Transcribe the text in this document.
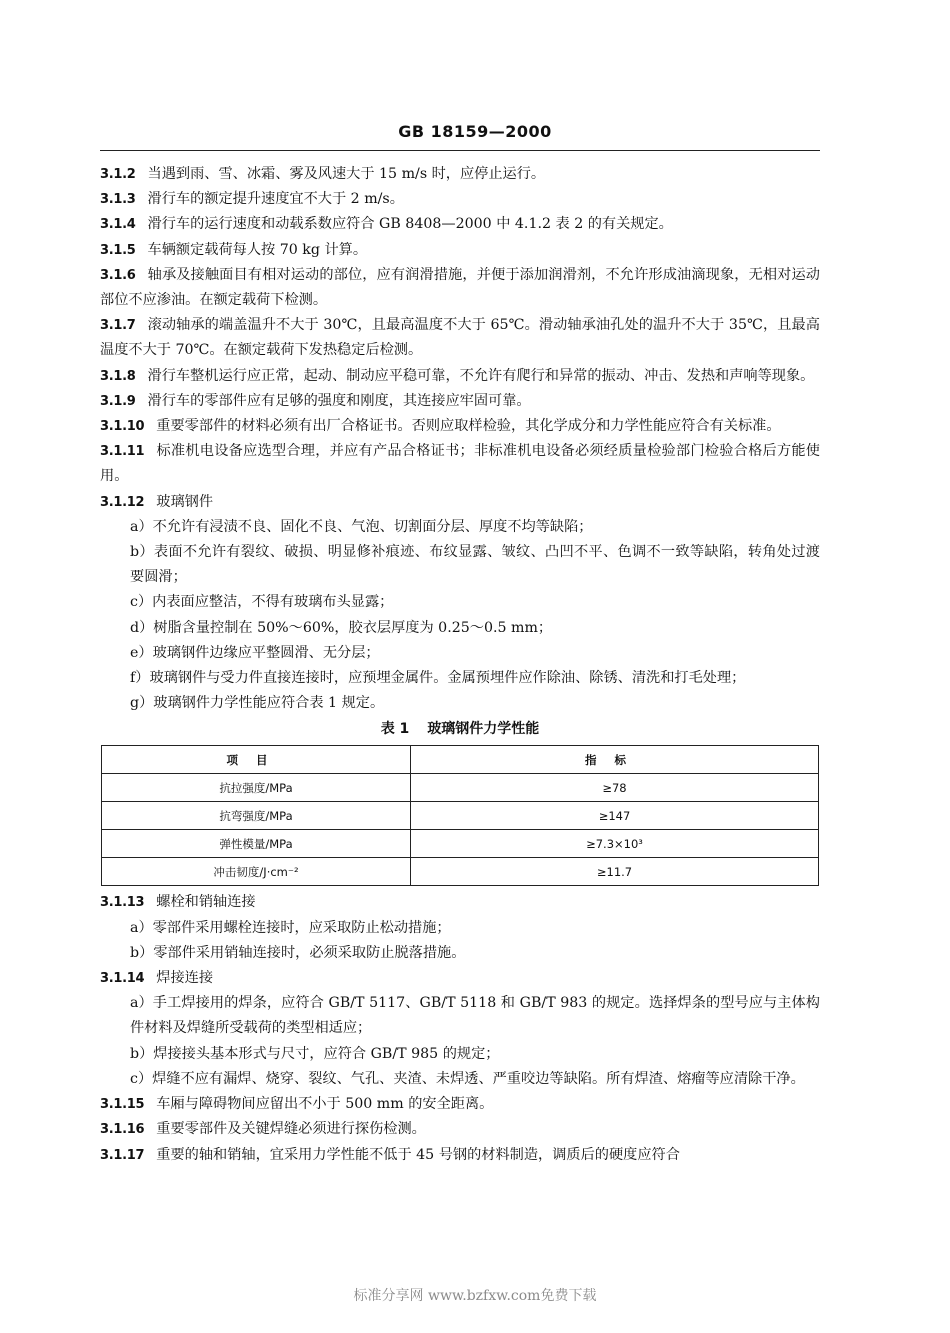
GB 18159—2000

3.1.2 当遇到雨、雪、冰霜、雾及风速大于 15 m/s 时，应停止运行。

3.1.3 滑行车的额定提升速度宜不大于 2 m/s。

3.1.4 滑行车的运行速度和动载系数应符合 GB 8408—2000 中 4.1.2 表 2 的有关规定。

3.1.5 车辆额定载荷每人按 70 kg 计算。

3.1.6 轴承及接触面目有相对运动的部位，应有润滑措施，并便于添加润滑剂，不允许形成油滴现象，无相对运动部位不应渗油。在额定载荷下检测。

3.1.7 滚动轴承的端盖温升不大于 30℃，且最高温度不大于 65℃。滑动轴承油孔处的温升不大于 35℃，且最高温度不大于 70℃。在额定载荷下发热稳定后检测。

3.1.8 滑行车整机运行应正常，起动、制动应平稳可靠，不允许有爬行和异常的振动、冲击、发热和声响等现象。

3.1.9 滑行车的零部件应有足够的强度和刚度，其连接应牢固可靠。

3.1.10 重要零部件的材料必须有出厂合格证书。否则应取样检验，其化学成分和力学性能应符合有关标准。

3.1.11 标准机电设备应选型合理，并应有产品合格证书；非标准机电设备必须经质量检验部门检验合格后方能使用。

3.1.12 玻璃钢件

a）不允许有浸渍不良、固化不良、气泡、切割面分层、厚度不均等缺陷；

b）表面不允许有裂纹、破损、明显修补痕迹、布纹显露、皱纹、凸凹不平、色调不一致等缺陷，转角处过渡要圆滑；

c）内表面应整洁，不得有玻璃布头显露；

d）树脂含量控制在 50%～60%，胶衣层厚度为 0.25～0.5 mm；

e）玻璃钢件边缘应平整圆滑、无分层；

f）玻璃钢件与受力件直接连接时，应预埋金属件。金属预埋件应作除油、除锈、清洗和打毛处理；

g）玻璃钢件力学性能应符合表 1 规定。

表 1 玻璃钢件力学性能
项目	指标
抗拉强度/MPa	≥78
抗弯强度/MPa	≥147
弹性模量/MPa	≥7.3×10³
冲击韧度/J·cm⁻²	≥11.7

3.1.13 螺栓和销轴连接

a）零部件采用螺栓连接时，应采取防止松动措施；

b）零部件采用销轴连接时，必须采取防止脱落措施。

3.1.14 焊接连接

a）手工焊接用的焊条，应符合 GB/T 5117、GB/T 5118 和 GB/T 983 的规定。选择焊条的型号应与主体构件材料及焊缝所受载荷的类型相适应；

b）焊接接头基本形式与尺寸，应符合 GB/T 985 的规定；

c）焊缝不应有漏焊、烧穿、裂纹、气孔、夹渣、未焊透、严重咬边等缺陷。所有焊渣、熔瘤等应清除干净。

3.1.15 车厢与障碍物间应留出不小于 500 mm 的安全距离。

3.1.16 重要零部件及关键焊缝必须进行探伤检测。

3.1.17 重要的轴和销轴，宜采用力学性能不低于 45 号钢的材料制造，调质后的硬度应符合

标准分享网 www.bzfxw.com免费下载
